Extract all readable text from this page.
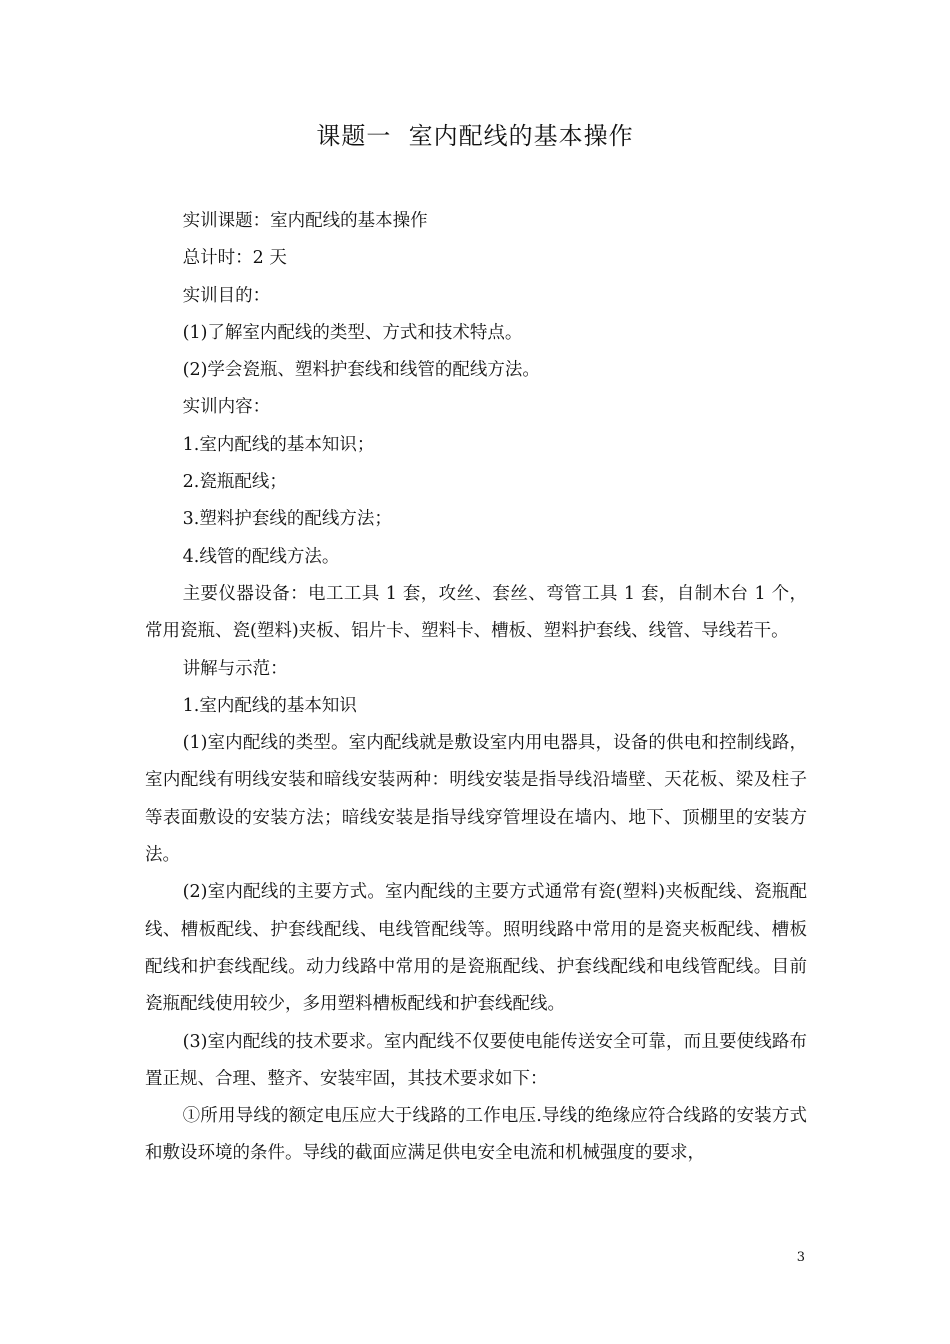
课题一  室内配线的基本操作

实训课题：室内配线的基本操作

总计时：2 天

实训目的：

(1)了解室内配线的类型、方式和技术特点。

(2)学会瓷瓶、塑料护套线和线管的配线方法。

实训内容：

1.室内配线的基本知识；

2.瓷瓶配线；

3.塑料护套线的配线方法；

4.线管的配线方法。

主要仪器设备：电工工具 1 套，攻丝、套丝、弯管工具 1 套，自制木台 1 个，常用瓷瓶、瓷(塑料)夹板、铝片卡、塑料卡、槽板、塑料护套线、线管、导线若干。

讲解与示范：

1.室内配线的基本知识

(1)室内配线的类型。室内配线就是敷设室内用电器具，设备的供电和控制线路，室内配线有明线安装和暗线安装两种：明线安装是指导线沿墙壁、天花板、梁及柱子等表面敷设的安装方法；暗线安装是指导线穿管埋设在墙内、地下、顶棚里的安装方法。

(2)室内配线的主要方式。室内配线的主要方式通常有瓷(塑料)夹板配线、瓷瓶配线、槽板配线、护套线配线、电线管配线等。照明线路中常用的是瓷夹板配线、槽板配线和护套线配线。动力线路中常用的是瓷瓶配线、护套线配线和电线管配线。目前瓷瓶配线使用较少，多用塑料槽板配线和护套线配线。

(3)室内配线的技术要求。室内配线不仅要使电能传送安全可靠，而且要使线路布置正规、合理、整齐、安装牢固，其技术要求如下：

①所用导线的额定电压应大于线路的工作电压.导线的绝缘应符合线路的安装方式和敷设环境的条件。导线的截面应满足供电安全电流和机械强度的要求，

3
